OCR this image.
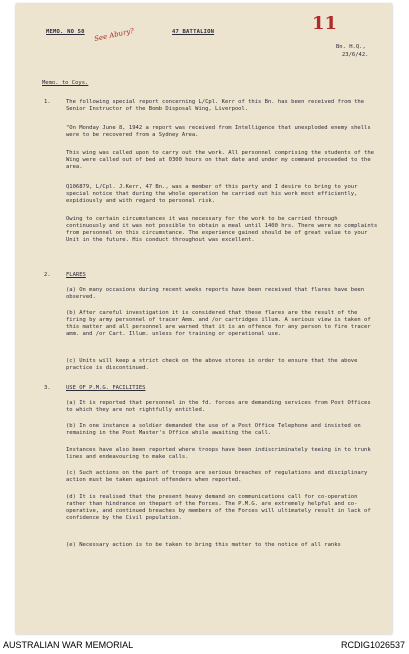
MEMO. NO 50 See Abury?	47 BATTALION	11
Bn. H.Q.,
23/6/42.
Memo. to Coys.
1.	The following special report concerning L/Cpl. Kerr of this Bn. has been received from the Senior Instructor of the Bomb Disposal Wing, Liverpool.
"On Monday June 8, 1942 a report was received from Intelligence that unexploded enemy shells were to be recovered from a Sydney Area.
This wing was called upon to carry out the work. All personnel comprising the students of the Wing were called out of bed at 0300 hours on that date and under my command proceeded to the area.
Q106879, L/Cpl. J.Kerr, 47 Bn., was a member of this party and I desire to bring to your special notice that during the whole operation he carried out his work most efficiently, expidiously and with regard to personal risk.
Owing to certain circumstances it was necessary for the work to be carried through continuously and it was not possible to obtain a meal until 1400 hrs. There were no complaints from personnel on this circumstance. The experience gained should be of great value to your Unit in the future. His conduct throughout was excellent.
2.	FLARES
(a) On many occasions during recent weeks reports have been received that flares have been observed.
(b) After careful investigation it is considered that these flares are the result of the firing by army personnel of tracer Amm. and /or cartridges illum. A serious view is taken of this matter and all personnel are warned that it is an offence for any person to fire tracer amm. and /or Cart. Illum. unless for training or operational use.
(c) Units will keep a strict check on the above stores in order to ensure that the above practice is discontinued.
3.	USE OF P.M.G. FACILITIES
(a) It is reported that personnel in the fd. forces are demanding services from Post Offices to which they are not rightfully entitled.
(b) In one instance a soldier demanded the use of a Post Office Telephone and insisted on remaining in the Post Master's Office while awaiting the call.
Instances have also been reported where troops have been indiscriminately teeing in to trunk lines and endeavouring to make calls.
(c) Such actions on the part of troops are serious breaches of regulations and disciplinary action must be taken against offenders when reported.
(d) It is realised that the present heavy demand on communications call for co-operation rather than hindrance on thepart of the Forces. The P.M.G. are extremely helpful and co-operative, and continued breaches by members of the Forces will ultimately result in lack of confidence by the Civil population.
(e) Necessary action is to be taken to bring this matter to the notice of all ranks
AUSTRALIAN WAR MEMORIAL	RCDIG1026537
